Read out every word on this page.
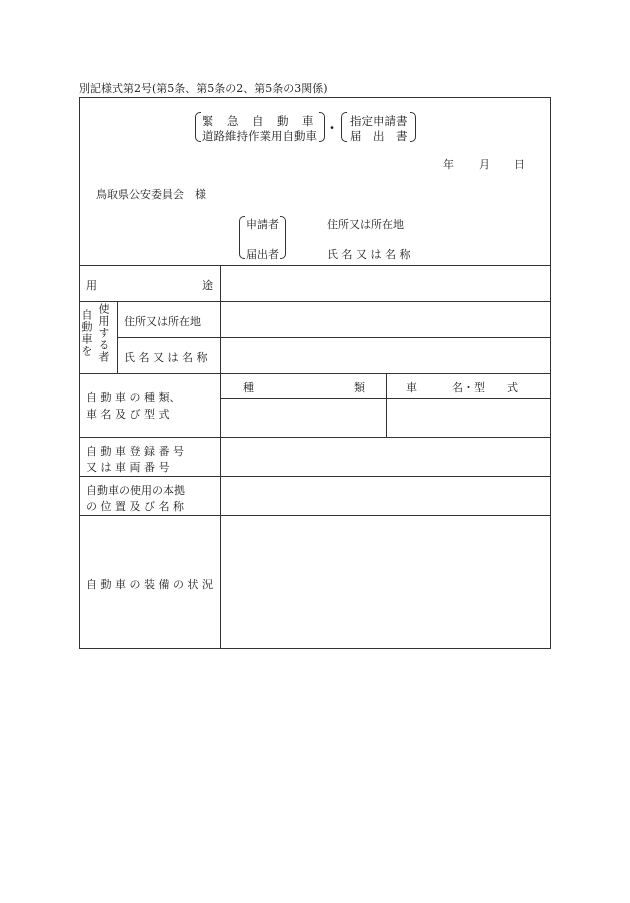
別記様式第2号(第5条、第5条の2、第5条の3関係)
緊　急　自　動　車
道路維持作業用自動車
・ 指定申請書
届　出　書
年 月 日
鳥取県公安委員会　様
申請者
届出者
住所又は所在地
氏 名 又 は 名 称
用	途
自動車を 使用する者 住所又は所在地
氏 名 又 は 名 称
自 動 車 の 種 類、
車 名 及 び 型 式
種	類	車	名・型　　式
自 動 車 登 録 番 号
又 は 車 両 番 号
自動車の使用の本拠
の 位 置 及 び 名 称
自 動 車 の 装 備 の 状 況
